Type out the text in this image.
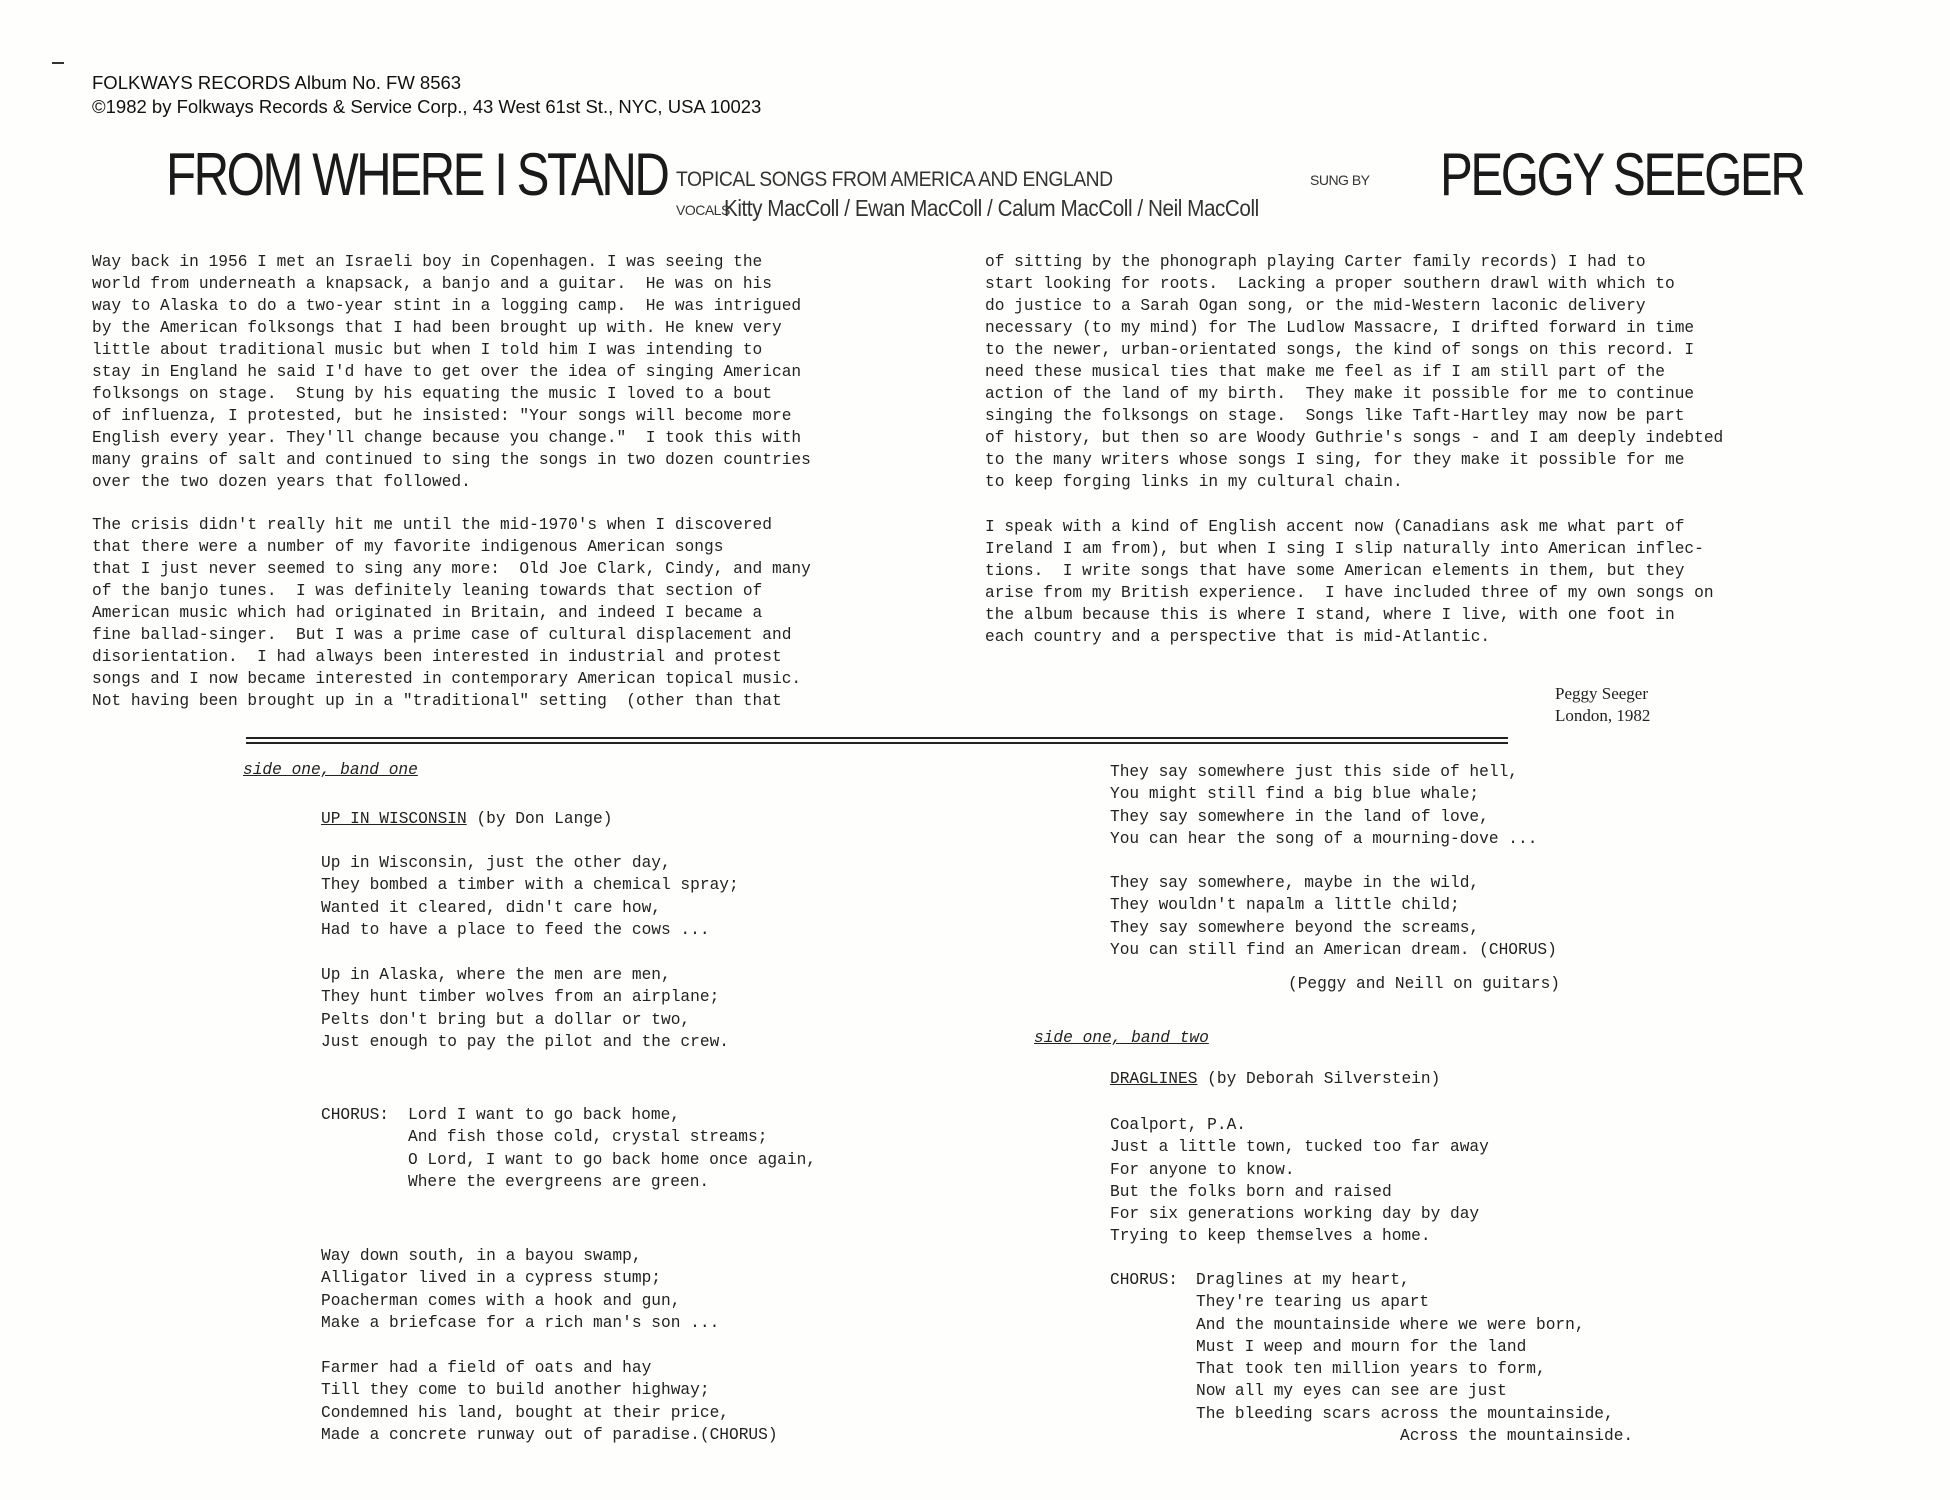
FOLKWAYS RECORDS Album No. FW 8563
©1982 by Folkways Records & Service Corp., 43 West 61st St., NYC, USA 10023
FROM WHERE I STAND TOPICAL SONGS FROM AMERICA AND ENGLAND	SUNG BY PEGGY SEEGER
VOCALS
Kitty MacColl / Ewan MacColl / Calum MacColl / Neil MacColl
Way back in 1956 I met an Israeli boy in Copenhagen. I was seeing the
world from underneath a knapsack, a banjo and a guitar.  He was on his
way to Alaska to do a two-year stint in a logging camp.  He was intrigued
by the American folksongs that I had been brought up with. He knew very
little about traditional music but when I told him I was intending to
stay in England he said I'd have to get over the idea of singing American
folksongs on stage.  Stung by his equating the music I loved to a bout
of influenza, I protested, but he insisted: "Your songs will become more
English every year. They'll change because you change."  I took this with
many grains of salt and continued to sing the songs in two dozen countries
over the two dozen years that followed.
The crisis didn't really hit me until the mid-1970's when I discovered
that there were a number of my favorite indigenous American songs
that I just never seemed to sing any more:  Old Joe Clark, Cindy, and many
of the banjo tunes.  I was definitely leaning towards that section of
American music which had originated in Britain, and indeed I became a
fine ballad-singer.  But I was a prime case of cultural displacement and
disorientation.  I had always been interested in industrial and protest
songs and I now became interested in contemporary American topical music.
Not having been brought up in a "traditional" setting  (other than that
of sitting by the phonograph playing Carter family records) I had to
start looking for roots.  Lacking a proper southern drawl with which to
do justice to a Sarah Ogan song, or the mid-Western laconic delivery
necessary (to my mind) for The Ludlow Massacre, I drifted forward in time
to the newer, urban-orientated songs, the kind of songs on this record. I
need these musical ties that make me feel as if I am still part of the
action of the land of my birth.  They make it possible for me to continue
singing the folksongs on stage.  Songs like Taft-Hartley may now be part
of history, but then so are Woody Guthrie's songs - and I am deeply indebted
to the many writers whose songs I sing, for they make it possible for me
to keep forging links in my cultural chain.
I speak with a kind of English accent now (Canadians ask me what part of
Ireland I am from), but when I sing I slip naturally into American inflec-
tions.  I write songs that have some American elements in them, but they
arise from my British experience.  I have included three of my own songs on
the album because this is where I stand, where I live, with one foot in
each country and a perspective that is mid-Atlantic.
Peggy Seeger
London, 1982
side one, band one
UP IN WISCONSIN (by Don Lange)
Up in Wisconsin, just the other day,
They bombed a timber with a chemical spray;
Wanted it cleared, didn't care how,
Had to have a place to feed the cows ...
Up in Alaska, where the men are men,
They hunt timber wolves from an airplane;
Pelts don't bring but a dollar or two,
Just enough to pay the pilot and the crew.
CHORUS: Lord I want to go back home,
And fish those cold, crystal streams;
O Lord, I want to go back home once again,
Where the evergreens are green.
Way down south, in a bayou swamp,
Alligator lived in a cypress stump;
Poacherman comes with a hook and gun,
Make a briefcase for a rich man's son ...
Farmer had a field of oats and hay
Till they come to build another highway;
Condemned his land, bought at their price,
Made a concrete runway out of paradise.(CHORUS)
They say somewhere just this side of hell,
You might still find a big blue whale;
They say somewhere in the land of love,
You can hear the song of a mourning-dove ...
They say somewhere, maybe in the wild,
They wouldn't napalm a little child;
They say somewhere beyond the screams,
You can still find an American dream. (CHORUS)
(Peggy and Neill on guitars)
side one, band two
DRAGLINES (by Deborah Silverstein)
Coalport, P.A.
Just a little town, tucked too far away
For anyone to know.
But the folks born and raised
For six generations working day by day
Trying to keep themselves a home.
CHORUS: Draglines at my heart,
They're tearing us apart
And the mountainside where we were born,
Must I weep and mourn for the land
That took ten million years to form,
Now all my eyes can see are just
The bleeding scars across the mountainside,
Across the mountainside.
